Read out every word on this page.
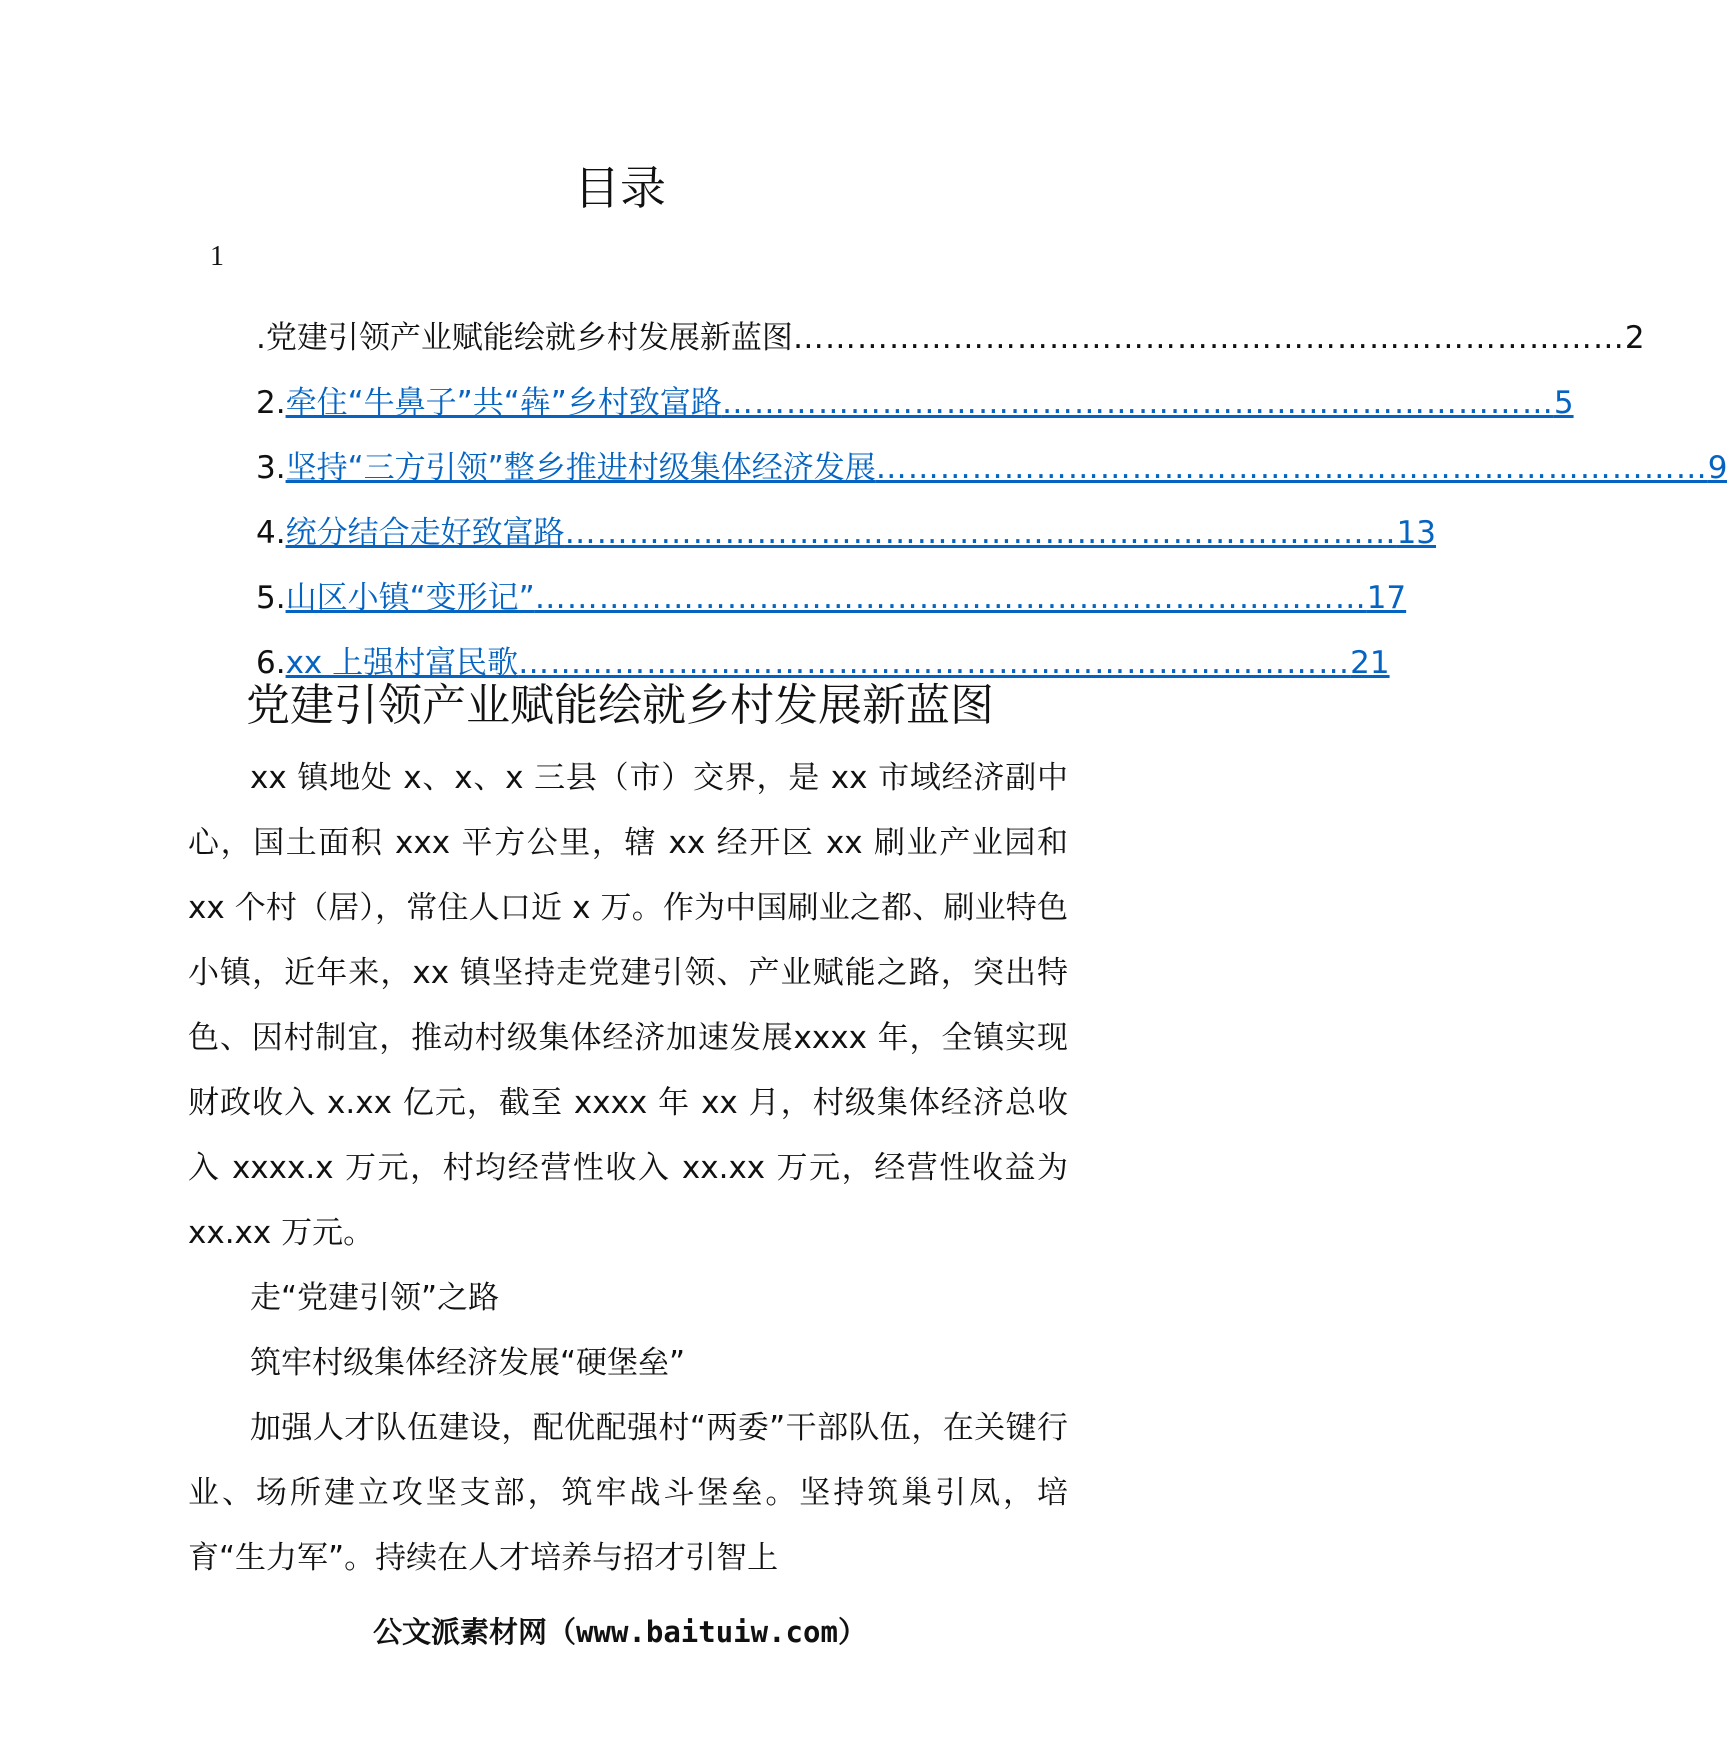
目录
1
.党建引领产业赋能绘就乡村发展新蓝图 …………………………………………………………………… 2
2. 牵住“牛鼻子”共“犇”乡村致富路 …………………………………………………………………… 5
3. 坚持“三方引领”整乡推进村级集体经济发展 …………………………………………………………………… 9
4. 统分结合走好致富路 …………………………………………………………………… 13
5. 山区小镇“变形记” …………………………………………………………………… 17
6. xx 上强村富民歌 …………………………………………………………………… 21
党建引领产业赋能绘就乡村发展新蓝图

xx 镇地处 x、x、x 三县（市）交界，是 xx 市域经济副中心，国土面积 xxx 平方公里，辖 xx 经开区 xx 刷业产业园和 xx 个村（居），常住人口近 x 万。作为中国刷业之都、刷业特色小镇，近年来，xx 镇坚持走党建引领、产业赋能之路，突出特色、因村制宜，推动村级集体经济加速发展xxxx 年，全镇实现财政收入 x.xx 亿元，截至 xxxx 年 xx 月，村级集体经济总收入 xxxx.x 万元，村均经营性收入 xx.xx 万元，经营性收益为 xx.xx 万元。

走“党建引领”之路

筑牢村级集体经济发展“硬堡垒”

加强人才队伍建设，配优配强村“两委”干部队伍，在关键行业、场所建立攻坚支部，筑牢战斗堡垒。坚持筑巢引凤，培育“生力军”。持续在人才培养与招才引智上

公文派素材网（www.baituiw.com）
